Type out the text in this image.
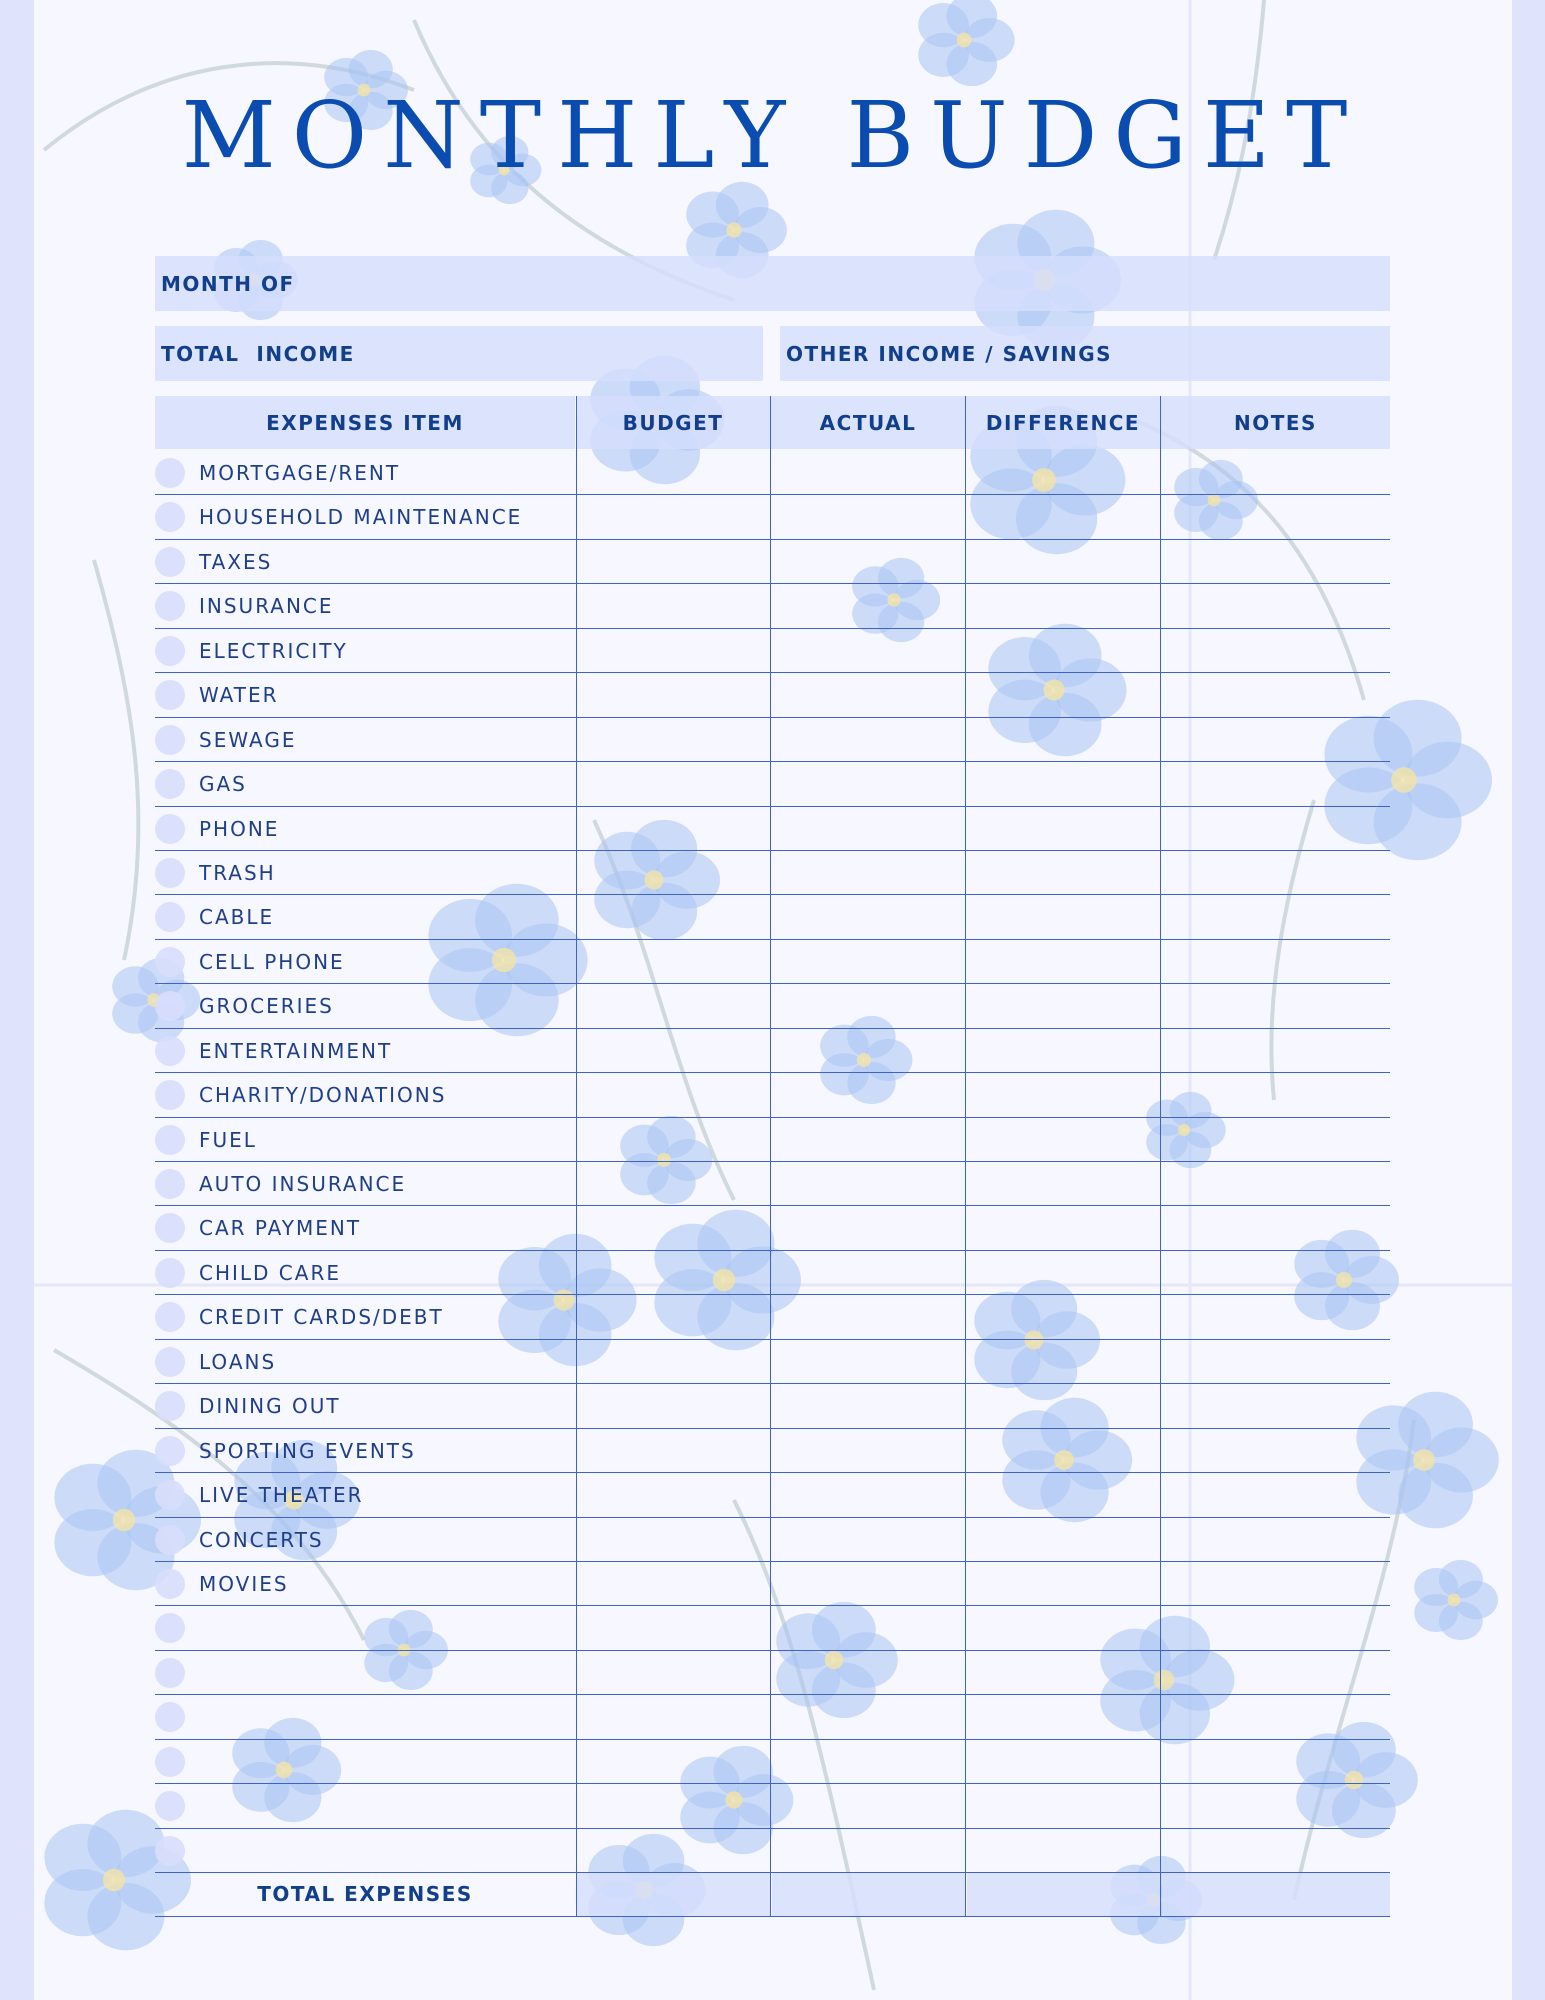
MONTHLY BUDGET
MONTH OF
TOTAL  INCOME	OTHER INCOME / SAVINGS
EXPENSES ITEM	BUDGET	ACTUAL	DIFFERENCE	NOTES
MORTGAGE/RENT
HOUSEHOLD MAINTENANCE
TAXES
INSURANCE
ELECTRICITY
WATER
SEWAGE
GAS
PHONE
TRASH
CABLE
CELL PHONE
GROCERIES
ENTERTAINMENT
CHARITY/DONATIONS
FUEL
AUTO INSURANCE
CAR PAYMENT
CHILD CARE
CREDIT CARDS/DEBT
LOANS
DINING OUT
SPORTING EVENTS
LIVE THEATER
CONCERTS
MOVIES
TOTAL EXPENSES
